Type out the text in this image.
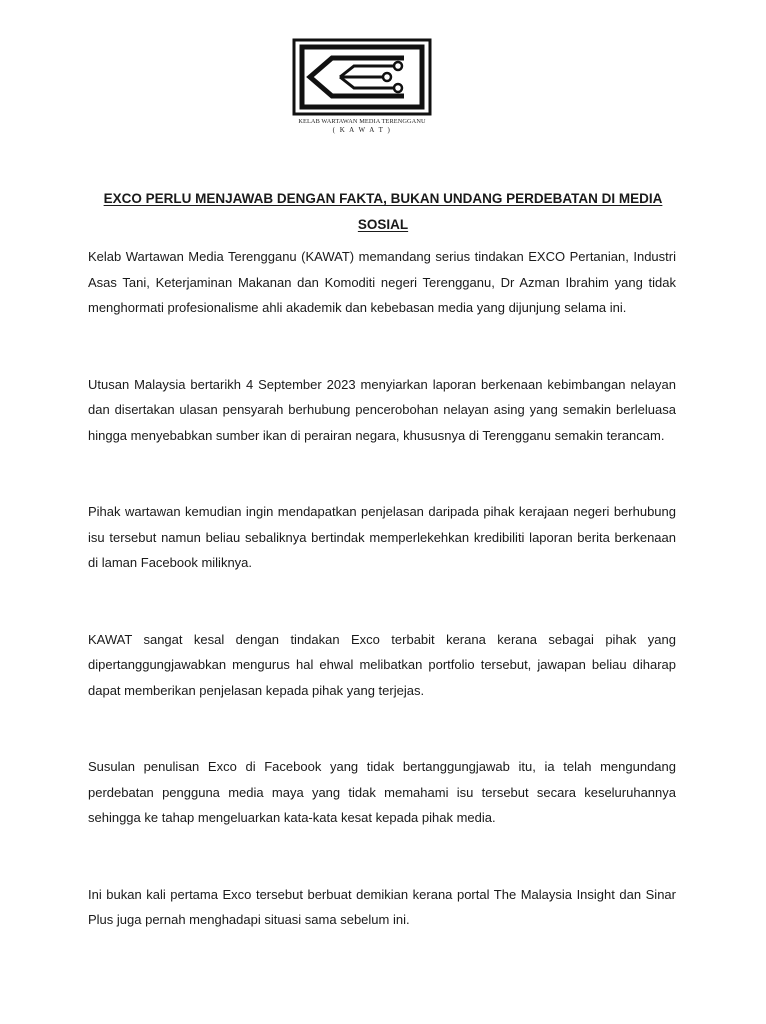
KELAB WARTAWAN MEDIA TERENGGANU
( K A W A T )
EXCO PERLU MENJAWAB DENGAN FAKTA, BUKAN UNDANG PERDEBATAN DI MEDIA SOSIAL

Kelab Wartawan Media Terengganu (KAWAT) memandang serius tindakan EXCO Pertanian, Industri Asas Tani, Keterjaminan Makanan dan Komoditi negeri Terengganu, Dr Azman Ibrahim yang tidak menghormati profesionalisme ahli akademik dan kebebasan media yang dijunjung selama ini.

Utusan Malaysia bertarikh 4 September 2023 menyiarkan laporan berkenaan kebimbangan nelayan dan disertakan ulasan pensyarah berhubung pencerobohan nelayan asing yang semakin berleluasa hingga menyebabkan sumber ikan di perairan negara, khususnya di Terengganu semakin terancam.

Pihak wartawan kemudian ingin mendapatkan penjelasan daripada pihak kerajaan negeri berhubung isu tersebut namun beliau sebaliknya bertindak memperlekehkan kredibiliti laporan berita berkenaan di laman Facebook miliknya.

KAWAT sangat kesal dengan tindakan Exco terbabit kerana kerana sebagai pihak yang dipertanggungjawabkan mengurus hal ehwal melibatkan portfolio tersebut, jawapan beliau diharap dapat memberikan penjelasan kepada pihak yang terjejas.

Susulan penulisan Exco di Facebook yang tidak bertanggungjawab itu, ia telah mengundang perdebatan pengguna media maya yang tidak memahami isu tersebut secara keseluruhannya sehingga ke tahap mengeluarkan kata-kata kesat kepada pihak media.

Ini bukan kali pertama Exco tersebut berbuat demikian kerana portal The Malaysia Insight dan Sinar Plus juga pernah menghadapi situasi sama sebelum ini.
